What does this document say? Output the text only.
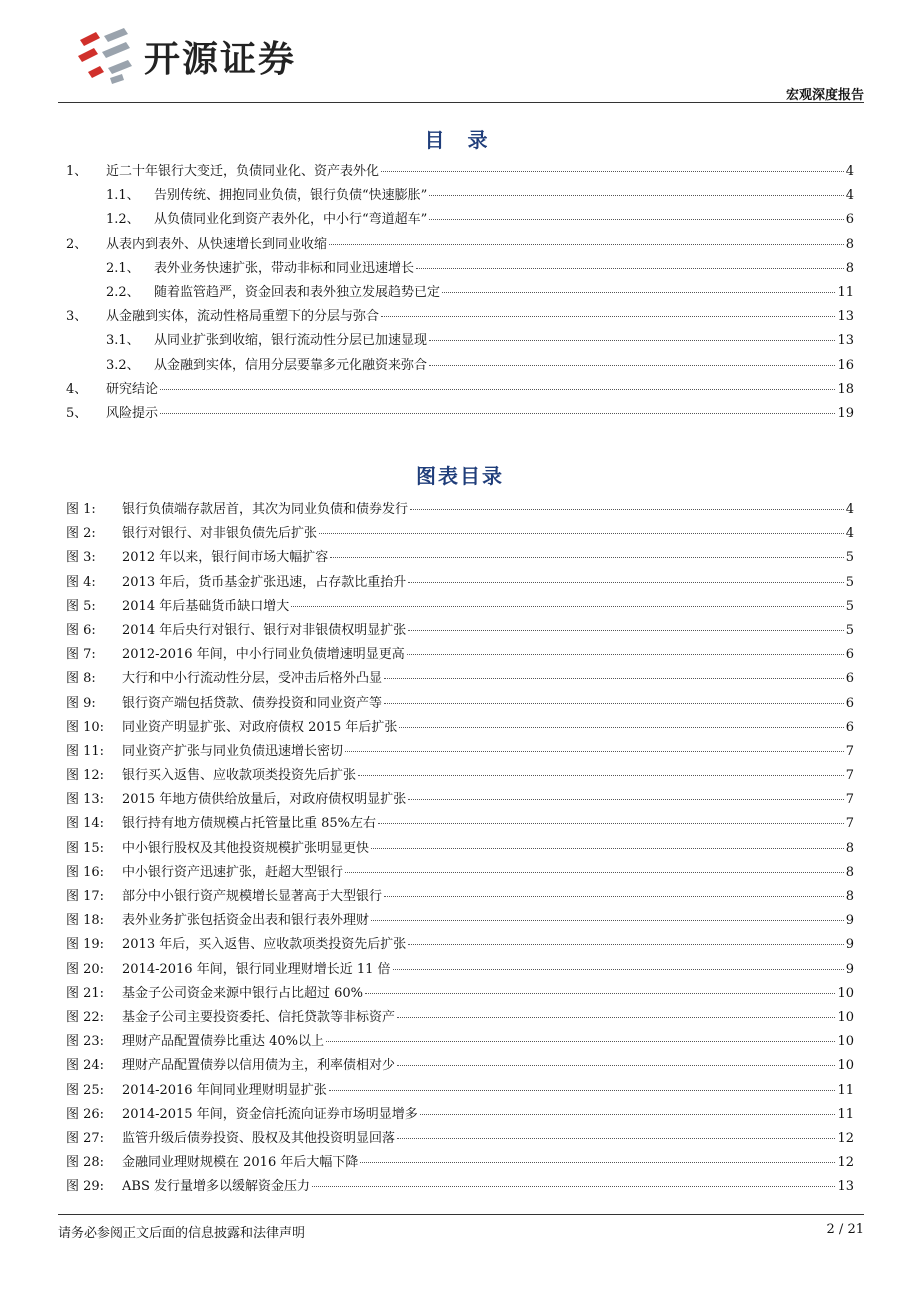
开源证券
宏观深度报告
目 录
1、	近二十年银行大变迁，负债同业化、资产表外化	4
1.1、	告别传统、拥抱同业负债，银行负债“快速膨胀”	4
1.2、	从负债同业化到资产表外化，中小行“弯道超车”	6
2、	从表内到表外、从快速增长到同业收缩	8
2.1、	表外业务快速扩张，带动非标和同业迅速增长	8
2.2、	随着监管趋严，资金回表和表外独立发展趋势已定	11
3、	从金融到实体，流动性格局重塑下的分层与弥合	13
3.1、	从同业扩张到收缩，银行流动性分层已加速显现	13
3.2、	从金融到实体，信用分层要靠多元化融资来弥合	16
4、	研究结论	18
5、	风险提示	19
图表目录
图 1:	银行负债端存款居首，其次为同业负债和债券发行	4
图 2:	银行对银行、对非银负债先后扩张	4
图 3:	2012 年以来，银行间市场大幅扩容	5
图 4:	2013 年后，货币基金扩张迅速，占存款比重抬升	5
图 5:	2014 年后基础货币缺口增大	5
图 6:	2014 年后央行对银行、银行对非银债权明显扩张	5
图 7:	2012-2016 年间，中小行同业负债增速明显更高	6
图 8:	大行和中小行流动性分层，受冲击后格外凸显	6
图 9:	银行资产端包括贷款、债券投资和同业资产等	6
图 10:	同业资产明显扩张、对政府债权 2015 年后扩张	6
图 11:	同业资产扩张与同业负债迅速增长密切	7
图 12:	银行买入返售、应收款项类投资先后扩张	7
图 13:	2015 年地方债供给放量后，对政府债权明显扩张	7
图 14:	银行持有地方债规模占托管量比重 85%左右	7
图 15:	中小银行股权及其他投资规模扩张明显更快	8
图 16:	中小银行资产迅速扩张，赶超大型银行	8
图 17:	部分中小银行资产规模增长显著高于大型银行	8
图 18:	表外业务扩张包括资金出表和银行表外理财	9
图 19:	2013 年后，买入返售、应收款项类投资先后扩张	9
图 20:	2014-2016 年间，银行同业理财增长近 11 倍	9
图 21:	基金子公司资金来源中银行占比超过 60%	10
图 22:	基金子公司主要投资委托、信托贷款等非标资产	10
图 23:	理财产品配置债券比重达 40%以上	10
图 24:	理财产品配置债券以信用债为主，利率债相对少	10
图 25:	2014-2016 年间同业理财明显扩张	11
图 26:	2014-2015 年间，资金信托流向证券市场明显增多	11
图 27:	监管升级后债券投资、股权及其他投资明显回落	12
图 28:	金融同业理财规模在 2016 年后大幅下降	12
图 29:	ABS 发行量增多以缓解资金压力	13
请务必参阅正文后面的信息披露和法律声明	2 / 21
